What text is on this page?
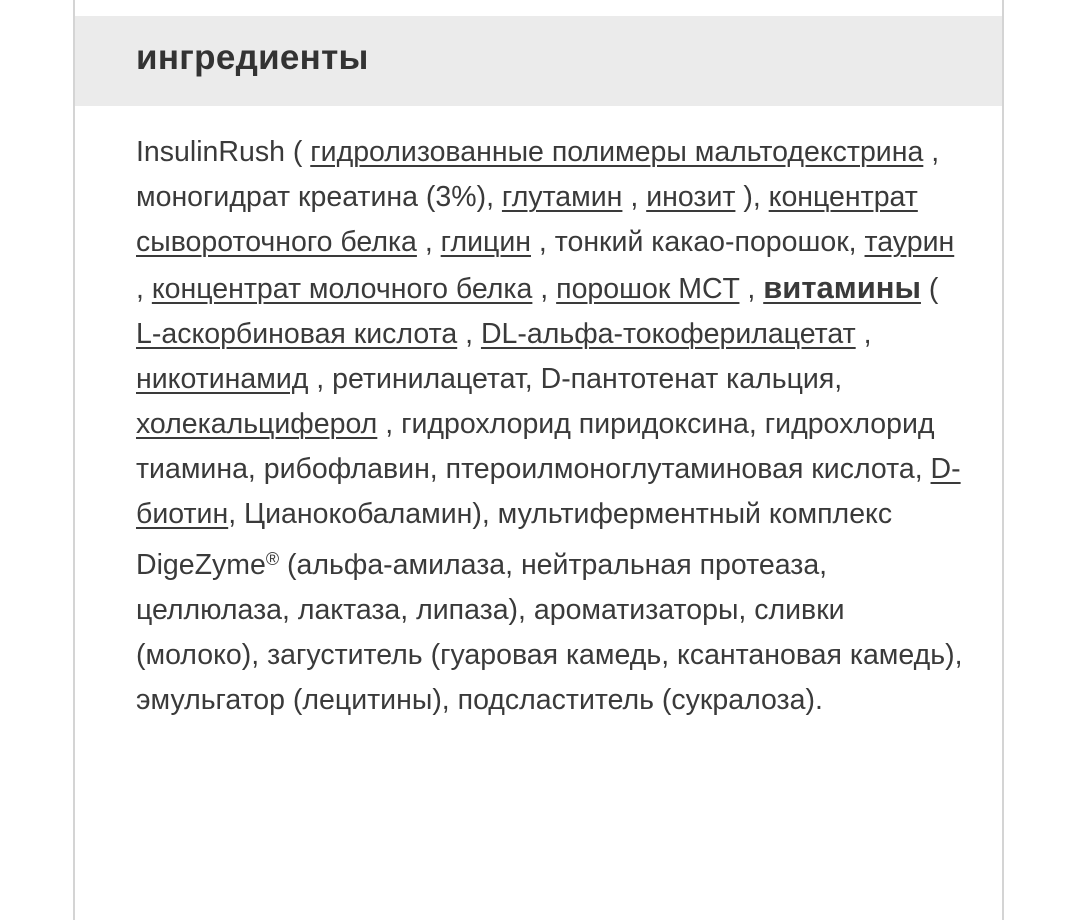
ингредиенты
InsulinRush ( гидролизованные полимеры мальтодекстрина , моногидрат креатина (3%), глутамин , инозит ), концентрат сывороточного белка , глицин , тонкий какао-порошок, таурин , концентрат молочного белка , порошок MCT , витамины ( L-аскорбиновая кислота , DL-альфа-токоферилацетат , никотинамид , ретинилацетат, D-пантотенат кальция, холекальциферол , гидрохлорид пиридоксина, гидрохлорид тиамина, рибофлавин, птероилмоноглутаминовая кислота, D-биотин, Цианокобаламин), мультиферментный комплекс DigeZyme® (альфа-амилаза, нейтральная протеаза, целлюлаза, лактаза, липаза), ароматизаторы, сливки (молоко), загуститель (гуаровая камедь, ксантановая камедь), эмульгатор (лецитины), подсластитель (сукралоза).
